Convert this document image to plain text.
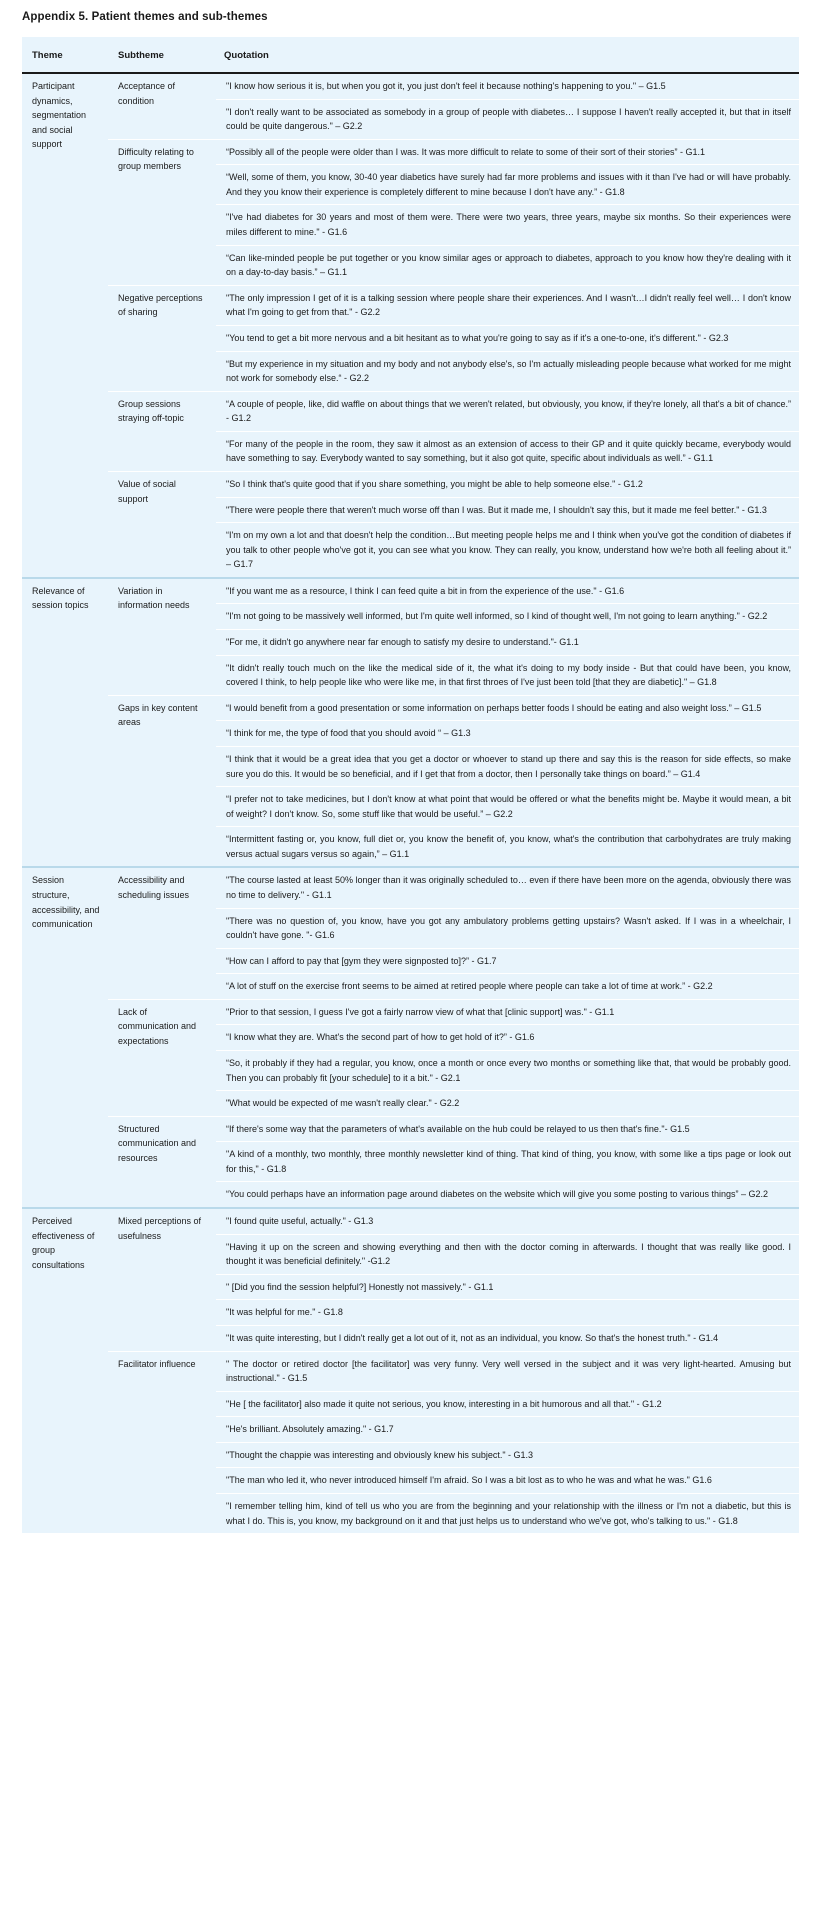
Appendix 5. Patient themes and sub-themes
Theme	Subtheme	Quotation
Participant dynamics, segmentation and social support	Acceptance of condition	"I know how serious it is, but when you got it, you just don't feel it because nothing's happening to you." – G1.5
		"I don't really want to be associated as somebody in a group of people with diabetes… I suppose I haven't really accepted it, but that in itself could be quite dangerous." – G2.2
	Difficulty relating to group members	“Possibly all of the people were older than I was. It was more difficult to relate to some of their sort of their stories” - G1.1
		“Well, some of them, you know, 30-40 year diabetics have surely had far more problems and issues with it than I've had or will have probably. And they you know their experience is completely different to mine because I don't have any.” - G1.8
		"I've had diabetes for 30 years and most of them were. There were two years, three years, maybe six months. So their experiences were miles different to mine." - G1.6
		“Can like-minded people be put together or you know similar ages or approach to diabetes, approach to you know how they're dealing with it on a day-to-day basis.” – G1.1
	Negative perceptions of sharing	"The only impression I get of it is a talking session where people share their experiences. And I wasn't…I didn't really feel well… I don't know what I'm going to get from that." - G2.2
		"You tend to get a bit more nervous and a bit hesitant as to what you're going to say as if it's a one-to-one, it's different." - G2.3
		“But my experience in my situation and my body and not anybody else's, so I'm actually misleading people because what worked for me might not work for somebody else.“ - G2.2
	Group sessions straying off-topic	“A couple of people, like, did waffle on about things that we weren't related, but obviously, you know, if they're lonely, all that's a bit of chance.” - G1.2
		“For many of the people in the room, they saw it almost as an extension of access to their GP and it quite quickly became, everybody would have something to say. Everybody wanted to say something, but it also got quite, specific about individuals as well.” - G1.1
	Value of social support	"So I think that's quite good that if you share something, you might be able to help someone else." - G1.2
		"There were people there that weren't much worse off than I was. But it made me, I shouldn't say this, but it made me feel better." - G1.3
		“I'm on my own a lot and that doesn't help the condition…But meeting people helps me and I think when you've got the condition of diabetes if you talk to other people who've got it, you can see what you know. They can really, you know, understand how we're both all feeling about it.” – G1.7
Relevance of session topics	Variation in information needs	"If you want me as a resource, I think I can feed quite a bit in from the experience of the use." - G1.6
		"I'm not going to be massively well informed, but I'm quite well informed, so I kind of thought well, I'm not going to learn anything." - G2.2
		"For me, it didn't go anywhere near far enough to satisfy my desire to understand."- G1.1
		"It didn't really touch much on the like the medical side of it, the what it's doing to my body inside - But that could have been, you know, covered I think, to help people like who were like me, in that first throes of I've just been told [that they are diabetic]." – G1.8
	Gaps in key content areas	“I would benefit from a good presentation or some information on perhaps better foods I should be eating and also weight loss.” – G1.5
		“I think for me, the type of food that you should avoid “ – G1.3
		“I think that it would be a great idea that you get a doctor or whoever to stand up there and say this is the reason for side effects, so make sure you do this. It would be so beneficial, and if I get that from a doctor, then I personally take things on board.” – G1.4
		“I prefer not to take medicines, but I don't know at what point that would be offered or what the benefits might be. Maybe it would mean, a bit of weight? I don't know. So, some stuff like that would be useful.” – G2.2
		“Intermittent fasting or, you know, full diet or, you know the benefit of, you know, what's the contribution that carbohydrates are truly making versus actual sugars versus so again,” – G1.1
Session structure, accessibility, and communication	Accessibility and scheduling issues	"The course lasted at least 50% longer than it was originally scheduled to… even if there have been more on the agenda, obviously there was no time to delivery." - G1.1
		"There was no question of, you know, have you got any ambulatory problems getting upstairs? Wasn't asked. If I was in a wheelchair, I couldn't have gone. "- G1.6
		“How can I afford to pay that [gym they were signposted to]?” - G1.7
		“A lot of stuff on the exercise front seems to be aimed at retired people where people can take a lot of time at work.” - G2.2
	Lack of communication and expectations	"Prior to that session, I guess I've got a fairly narrow view of what that [clinic support] was." - G1.1
		“I know what they are. What's the second part of how to get hold of it?” - G1.6
		“So, it probably if they had a regular, you know, once a month or once every two months or something like that, that would be probably good. Then you can probably fit [your schedule] to it a bit." - G2.1
		"What would be expected of me wasn't really clear." - G2.2
	Structured communication and resources	“If there's some way that the parameters of what's available on the hub could be relayed to us then that's fine."- G1.5
		"A kind of a monthly, two monthly, three monthly newsletter kind of thing. That kind of thing, you know, with some like a tips page or look out for this," - G1.8
		“You could perhaps have an information page around diabetes on the website which will give you some posting to various things” – G2.2
Perceived effectiveness of group consultations	Mixed perceptions of usefulness	"I found quite useful, actually." - G1.3
		"Having it up on the screen and showing everything and then with the doctor coming in afterwards. I thought that was really like good. I thought it was beneficial definitely." -G1.2
		" [Did you find the session helpful?] Honestly not massively." - G1.1
		"It was helpful for me." - G1.8
		"It was quite interesting, but I didn't really get a lot out of it, not as an individual, you know. So that's the honest truth." - G1.4
	Facilitator influence	" The doctor or retired doctor [the facilitator] was very funny. Very well versed in the subject and it was very light-hearted. Amusing but instructional." - G1.5
		"He [ the facilitator] also made it quite not serious, you know, interesting in a bit humorous and all that." - G1.2
		"He's brilliant. Absolutely amazing." - G1.7
		"Thought the chappie was interesting and obviously knew his subject." - G1.3
		"The man who led it, who never introduced himself I'm afraid. So I was a bit lost as to who he was and what he was." G1.6
		"I remember telling him, kind of tell us who you are from the beginning and your relationship with the illness or I'm not a diabetic, but this is what I do. This is, you know, my background on it and that just helps us to understand who we've got, who's talking to us." - G1.8
